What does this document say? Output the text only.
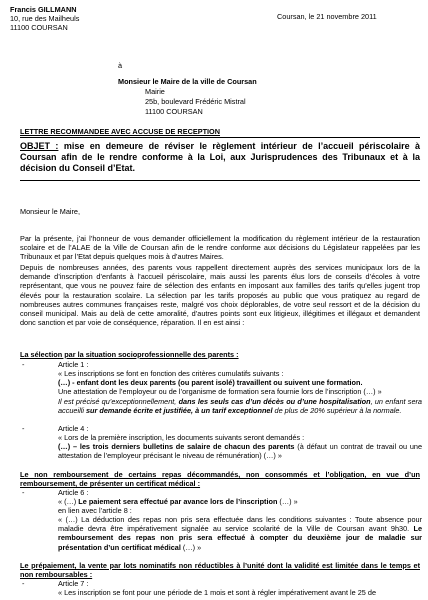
Francis GILLMANN
10, rue des Mailheuls
11100 COURSAN
Coursan, le 21 novembre 2011
à
Monsieur le Maire de la ville de Coursan
Mairie
25b, boulevard Frédéric Mistral
11100 COURSAN
LETTRE RECOMMANDEE AVEC ACCUSE DE RECEPTION
OBJET : mise en demeure de réviser le règlement intérieur de l’accueil périscolaire à Coursan afin de le rendre conforme à la Loi, aux Jurisprudences des Tribunaux et à la décision du Conseil d’Etat.
Monsieur le Maire,

Par la présente, j’ai l’honneur de vous demander officiellement la modification du règlement intérieur de la restauration scolaire et de l’ALAE de la Ville de Coursan afin de le rendre conforme aux décisions du Législateur rappelées par les Tribunaux et par l’Etat depuis quelques mois à d’autres Maires.

Depuis de nombreuses années, des parents vous rappellent directement auprès des services municipaux lors de la demande d’inscription d’enfants à l’accueil périscolaire, mais aussi les parents élus lors de conseils d’écoles à votre représentant, que vous ne pouvez faire de sélection des enfants en imposant aux familles des tarifs qu’elles jugent trop élevés pour la restauration scolaire. La sélection par les tarifs proposés au public que vous pratiquez au regard de nombreuses autres communes françaises reste, malgré vos choix déplorables, de votre seul ressort et de la décision du conseil municipal. Mais au delà de cette amoralité, d’autres points sont eux litigieux, illégitimes et illégaux et demandent donc sanction et par voie de conséquence, réparation. Il en est ainsi :

La sélection par la situation socioprofessionnelle des parents :
-	Article 1 :
« Les inscriptions se font en fonction des critères cumulatifs suivants :
(…) - enfant dont les deux parents (ou parent isolé) travaillent ou suivent une formation.
Une attestation de l’employeur ou de l’organisme de formation sera fournie lors de l’inscription (…) »
Il est précisé qu’exceptionnellement, dans les seuls cas d’un décès ou d’une hospitalisation, un enfant sera accueilli sur demande écrite et justifiée, à un tarif exceptionnel de plus de 20% supérieur à la normale.
-	Article 4 :
« Lors de la première inscription, les documents suivants seront demandés :
(…) – les trois derniers bulletins de salaire de chacun des parents (à défaut un contrat de travail ou une attestation de l’employeur précisant le niveau de rémunération) (…) »
Le non remboursement de certains repas décommandés, non consommés et l’obligation, en vue d’un remboursement, de présenter un certificat médical :
-	Article 6 :
« (…) Le paiement sera effectué par avance lors de l’inscription (…) »
en lien avec l’article 8 :
« (…) La déduction des repas non pris sera effectuée dans les conditions suivantes : Toute absence pour maladie devra être impérativement signalée au service scolarité de la Ville de Coursan avant 9h30. Le remboursement des repas non pris sera effectué à compter du deuxième jour de maladie sur présentation d’un certificat médical (…) »
Le prépaiement, la vente par lots nominatifs non réductibles à l’unité dont la validité est limitée dans le temps et non remboursables :
-	Article 7 :
« Les inscription se font pour une période de 1 mois et sont à régler impérativement avant le 25 de
